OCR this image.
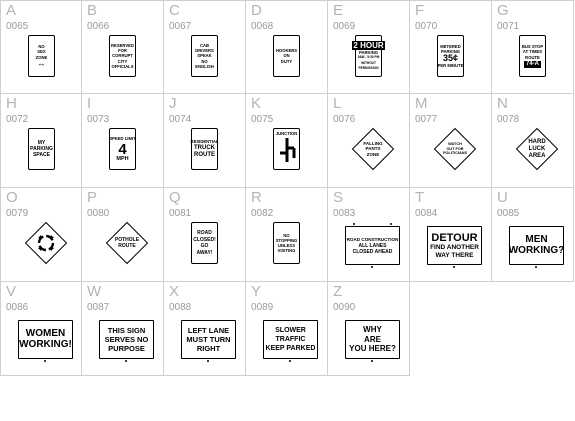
A
0065
NO
SEX
ZONE
↔
B
0066
RESERVED
FOR
CORRUPT
CITY
OFFICIALS
C
0067
CAB
DRIVERS
SPEAK
NO
ENGLISH
D
0068
HOOKERS
ON
DUTY
E
0069
2 HOUR
PARKING
9AM - 5:30 PM
WITHOUT
PERMISSION
F
0070
METERED
PARKING
35¢
PER MINUTE
G
0071
BUS STOP
AT TIMES
ROUTE
74-A
H
0072
MY
PARKING
SPACE
I
0073
SPEED LIMIT
4
MPH
J
0074
RESIDENTIAL
TRUCK
ROUTE
K
0075
JUNCTION
L
0076
FALLING
PANTS
ZONE
M
0077
WATCH
OUT FOR
POLITICIANS
N
0078
HARD
LUCK
AREA
O
0079
P
0080
POTHOLE
ROUTE
Q
0081
ROAD
CLOSED!
GO
AWAY!
R
0082
NO
STOPPING
UNLESS
VISITING
S
0083
ROAD CONSTRUCTION
ALL LANES
CLOSED AHEAD
T
0084
DETOUR
FIND ANOTHER
WAY THERE
U
0085
MEN
WORKING?
V
0086
WOMEN
WORKING!
W
0087
THIS SIGN
SERVES NO
PURPOSE
X
0088
LEFT LANE
MUST TURN
RIGHT
Y
0089
SLOWER
TRAFFIC
KEEP PARKED
Z
0090
WHY
ARE
YOU HERE?
